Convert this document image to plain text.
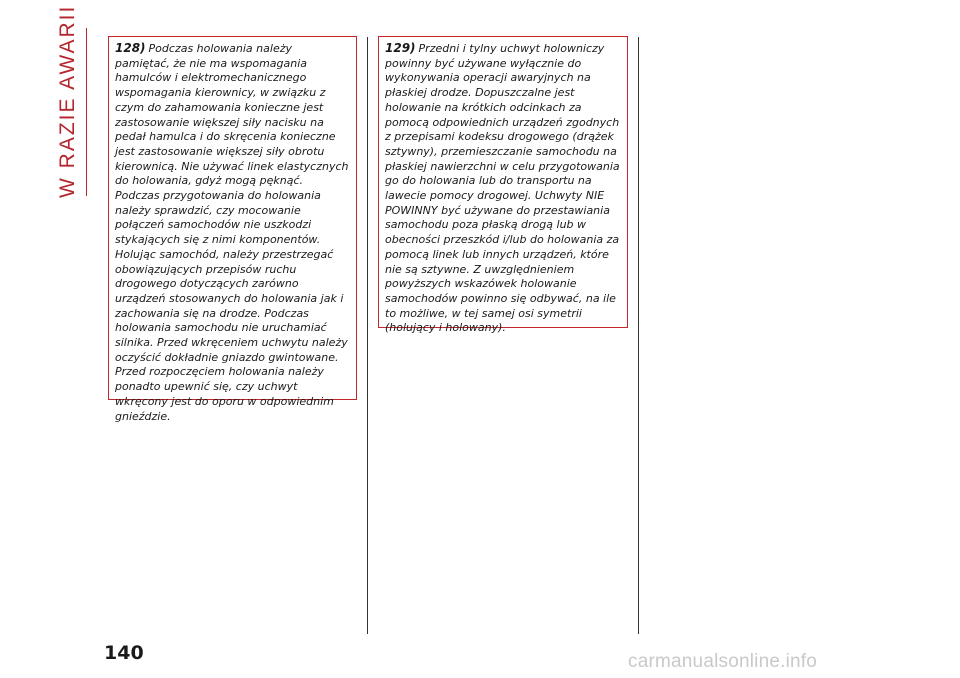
W RAZIE AWARII	128) Podczas holowania należy pamiętać, że nie ma wspomagania hamulców i elektromechanicznego wspomagania kierownicy, w związku z czym do zahamowania konieczne jest zastosowanie większej siły nacisku na pedał hamulca i do skręcenia konieczne jest zastosowanie większej siły obrotu kierownicą. Nie używać linek elastycznych do holowania, gdyż mogą pęknąć. Podczas przygotowania do holowania należy sprawdzić, czy mocowanie połączeń samochodów nie uszkodzi stykających się z nimi komponentów. Holując samochód, należy przestrzegać obowiązujących przepisów ruchu drogowego dotyczących zarówno urządzeń stosowanych do holowania jak i zachowania się na drodze. Podczas holowania samochodu nie uruchamiać silnika. Przed wkręceniem uchwytu należy oczyścić dokładnie gniazdo gwintowane. Przed rozpoczęciem holowania należy ponadto upewnić się, czy uchwyt wkręcony jest do oporu w odpowiednim gnieździe.

129) Przedni i tylny uchwyt holowniczy powinny być używane wyłącznie do wykonywania operacji awaryjnych na płaskiej drodze. Dopuszczalne jest holowanie na krótkich odcinkach za pomocą odpowiednich urządzeń zgodnych z przepisami kodeksu drogowego (drążek sztywny), przemieszczanie samochodu na płaskiej nawierzchni w celu przygotowania go do holowania lub do transportu na lawecie pomocy drogowej. Uchwyty NIE POWINNY być używane do przestawiania samochodu poza płaską drogą lub w obecności przeszkód i/lub do holowania za pomocą linek lub innych urządzeń, które nie są sztywne. Z uwzględnieniem powyższych wskazówek holowanie samochodów powinno się odbywać, na ile to możliwe, w tej samej osi symetrii (holujący i holowany).

140	carmanualsonline.info
